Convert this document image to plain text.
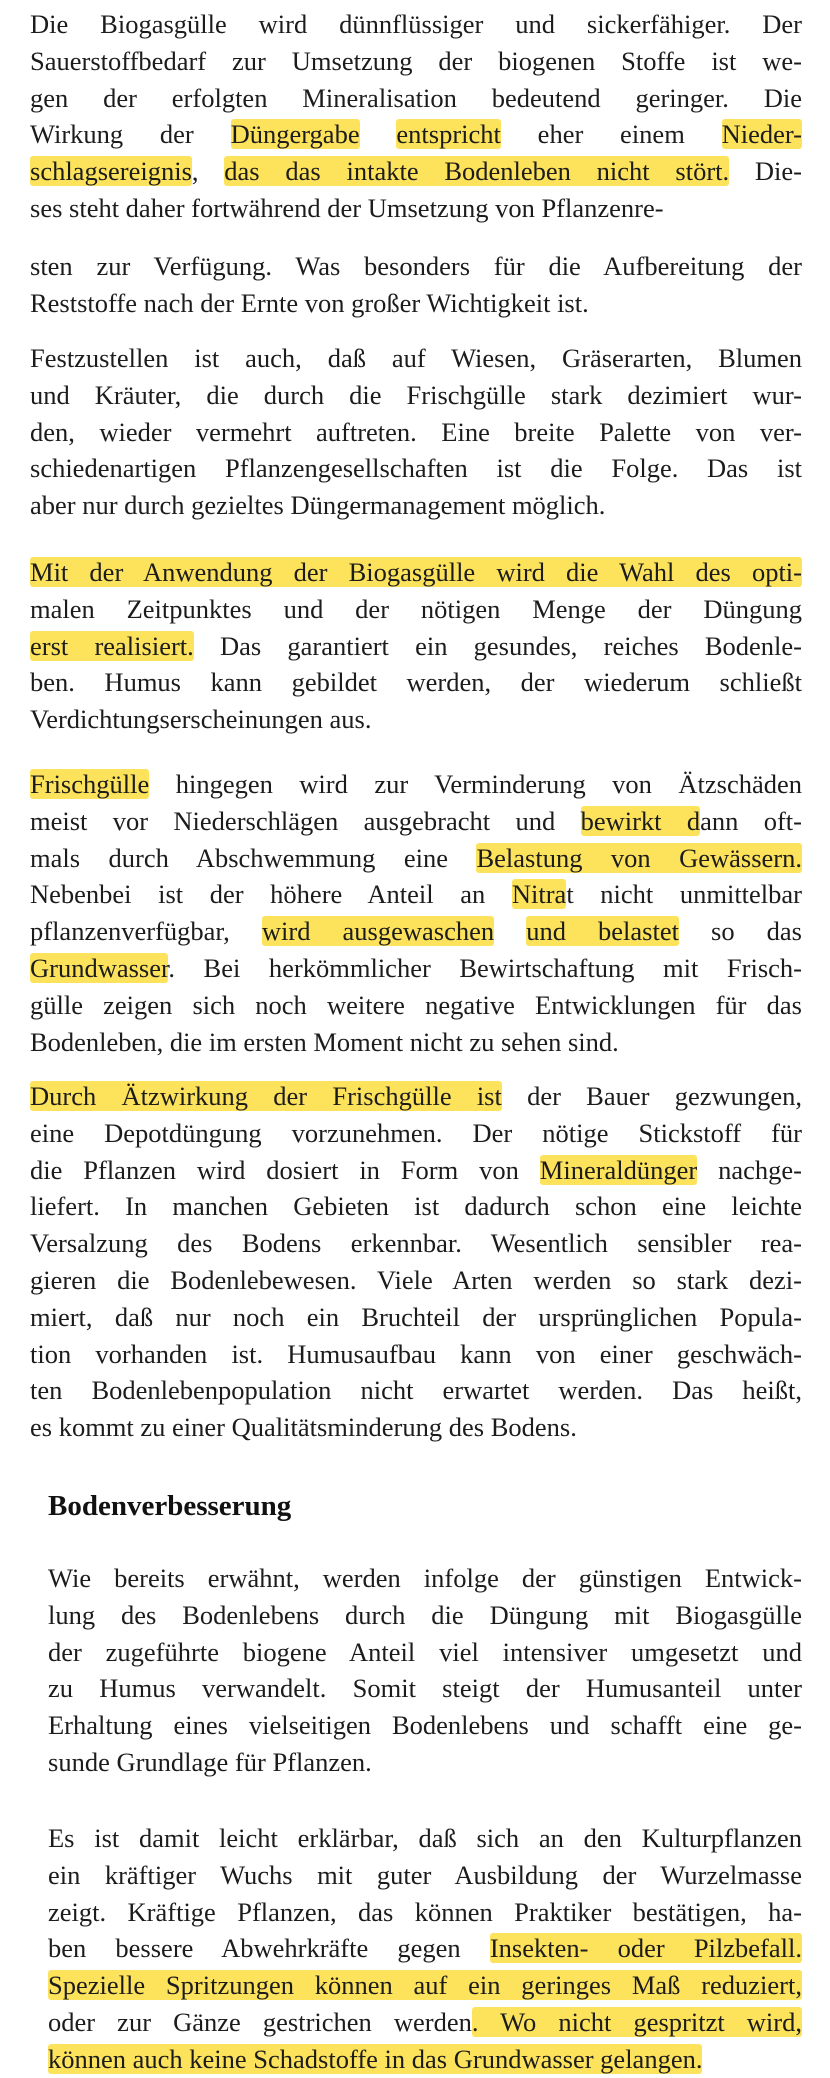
Die Biogasgülle wird dünnflüssiger und sickerfähiger. Der
Sauerstoffbedarf zur Umsetzung der biogenen Stoffe ist we-
gen der erfolgten Mineralisation bedeutend geringer. Die
Wirkung der Düngergabe entspricht eher einem Nieder-
schlagsereignis, das das intakte Bodenleben nicht stört. Die-
ses steht daher fortwährend der Umsetzung von Pflanzenre-
sten zur Verfügung. Was besonders für die Aufbereitung der
Reststoffe nach der Ernte von großer Wichtigkeit ist.
Festzustellen ist auch, daß auf Wiesen, Gräserarten, Blumen
und Kräuter, die durch die Frischgülle stark dezimiert wur-
den, wieder vermehrt auftreten. Eine breite Palette von ver-
schiedenartigen Pflanzengesellschaften ist die Folge. Das ist
aber nur durch gezieltes Düngermanagement möglich.
Mit der Anwendung der Biogasgülle wird die Wahl des opti-
malen Zeitpunktes und der nötigen Menge der Düngung
erst realisiert. Das garantiert ein gesundes, reiches Bodenle-
ben. Humus kann gebildet werden, der wiederum schließt
Verdichtungserscheinungen aus.
Frischgülle hingegen wird zur Verminderung von Ätzschäden
meist vor Niederschlägen ausgebracht und bewirkt dann oft-
mals durch Abschwemmung eine Belastung von Gewässern.
Nebenbei ist der höhere Anteil an Nitrat nicht unmittelbar
pflanzenverfügbar, wird ausgewaschen und belastet so das
Grundwasser. Bei herkömmlicher Bewirtschaftung mit Frisch-
gülle zeigen sich noch weitere negative Entwicklungen für das
Bodenleben, die im ersten Moment nicht zu sehen sind.
Durch Ätzwirkung der Frischgülle ist der Bauer gezwungen,
eine Depotdüngung vorzunehmen. Der nötige Stickstoff für
die Pflanzen wird dosiert in Form von Mineraldünger nachge-
liefert. In manchen Gebieten ist dadurch schon eine leichte
Versalzung des Bodens erkennbar. Wesentlich sensibler rea-
gieren die Bodenlebewesen. Viele Arten werden so stark dezi-
miert, daß nur noch ein Bruchteil der ursprünglichen Popula-
tion vorhanden ist. Humusaufbau kann von einer geschwäch-
ten Bodenlebenpopulation nicht erwartet werden. Das heißt,
es kommt zu einer Qualitätsminderung des Bodens.
Bodenverbesserung
Wie bereits erwähnt, werden infolge der günstigen Entwick-
lung des Bodenlebens durch die Düngung mit Biogasgülle
der zugeführte biogene Anteil viel intensiver umgesetzt und
zu Humus verwandelt. Somit steigt der Humusanteil unter
Erhaltung eines vielseitigen Bodenlebens und schafft eine ge-
sunde Grundlage für Pflanzen.
Es ist damit leicht erklärbar, daß sich an den Kulturpflanzen
ein kräftiger Wuchs mit guter Ausbildung der Wurzelmasse
zeigt. Kräftige Pflanzen, das können Praktiker bestätigen, ha-
ben bessere Abwehrkräfte gegen Insekten- oder Pilzbefall.
Spezielle Spritzungen können auf ein geringes Maß reduziert,
oder zur Gänze gestrichen werden. Wo nicht gespritzt wird,
können auch keine Schadstoffe in das Grundwasser gelangen.
